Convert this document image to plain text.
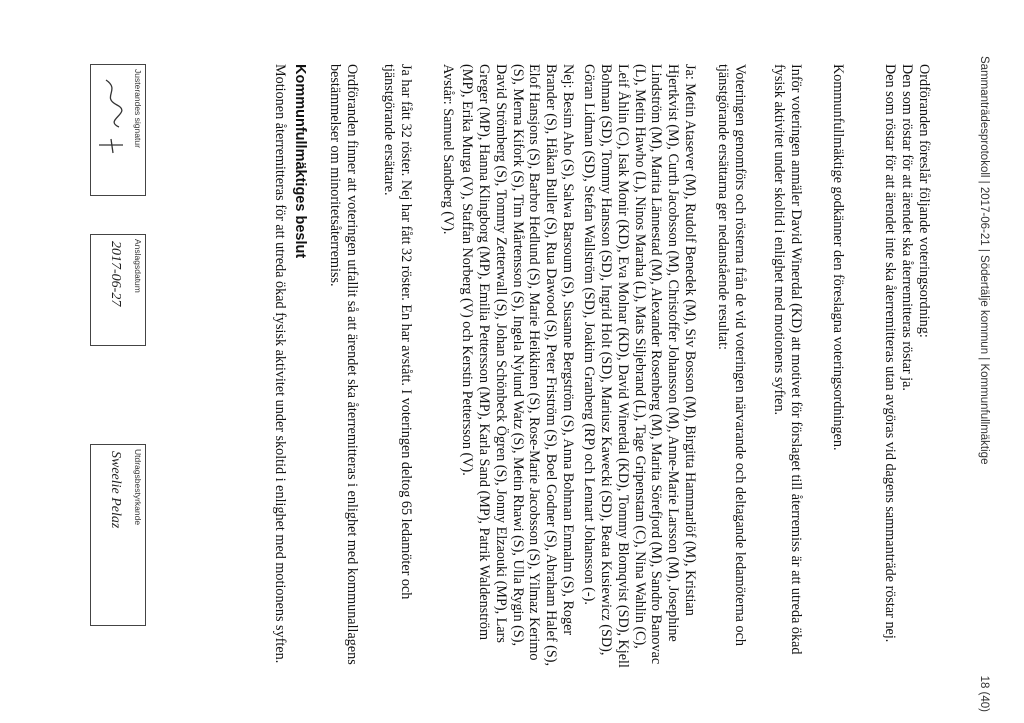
Sammanträdesprotokoll | 2017-06-21 | Södertälje kommun | Kommunfullmäktige
18 (40)

Ordföranden föreslår följande voteringsordning:

Den som röstar för att ärendet ska återremitteras röstar ja.

Den som röstar för att ärendet inte ska återremitteras utan avgöras vid dagens sammanträde röstar nej.

Kommunfullmäktige godkänner den föreslagna voteringsordningen.
Inför voteringen anmäler David Winerdal (KD) att motivet för förslaget till återremiss är att utreda ökad fysisk aktivitet under skoltid i enlighet med motionens syften.
Voteringen genomförs och rösterna från de vid voteringen närvarande och deltagande ledamöterna och tjänstgörande ersättarna ger nedanstående resultat:
Ja: Metin Atasever (M), Rudolf Benedek (M), Siv Bosson (M), Birgitta Hammarlöf (M), Kristian Hjertkvist (M), Curth Jacobsson (M), Christoffer Johansson (M), Anne-Marie Larsson (M), Josephine Lindström (M), Marita Lännestad (M), Alexander Rosenberg (M), Marita Sörefjord (M), Sandro Banovac (L), Metin Hawho (L), Ninos Maraha (L), Mats Siljebrand (L), Tage Gripenstam (C), Nina Wahlin (C), Leif Åhlin (C), Isak Monir (KD), Eva Molnar (KD), David Winerdal (KD), Tommy Blomqvist (SD), Kjell Bohman (SD), Tommy Hansson (SD), Ingrid Holt (SD), Mariusz Kawecki (SD), Beata Kusiewicz (SD), Göran Lidman (SD), Stefan Wallström (SD), Joakim Granberg (RP) och Lennart Johansson (-).
Nej: Besim Aho (S), Salwa Barsoum (S), Susanne Bergström (S), Anna Bohman Enmalm (S), Roger Brander (S), Håkan Buller (S), Rua Dawood (S), Peter Friström (S), Boel Godner (S), Abraham Halef (S), Elof Hansjons (S), Barbro Hedlund (S), Marie Heikkinen (S), Rose-Marie Jacobsson (S), Yilmaz Kerimo (S), Merna Kifork (S), Tim Mårtensson (S), Ingela Nylund Watz (S), Metin Rhawi (S), Ulla Rygin (S), David Strömberg (S), Tommy Zetterwall (S), Johan Schönbeck Ögren (S), Jonny Elzaouki (MP), Lars Greger (MP), Hanna Klingborg (MP), Emilia Pettersson (MP), Karla Sand (MP), Patrik Waldenström (MP), Erika Murga (V), Staffan Norberg (V) och Kerstin Pettersson (V).
Avstår: Samuel Sandberg (V).
Ja har fått 32 röster. Nej har fått 32 röster. En har avstått. I voteringen deltog 65 ledamöter och tjänstgörande ersättare.
Ordföranden finner att voteringen utfallit så att ärendet ska återremitteras i enlighet med kommunallagens bestämmelser om minoritetsåterremiss.
Kommunfullmäktiges beslut
Motionen återremitteras för att utreda ökad fysisk aktivitet under skoltid i enlighet med motionens syften.
Justerandes signatur
Anslagsdatum
2017-06-27
Utdragsbestyrkande
Sweelie Pelaz
